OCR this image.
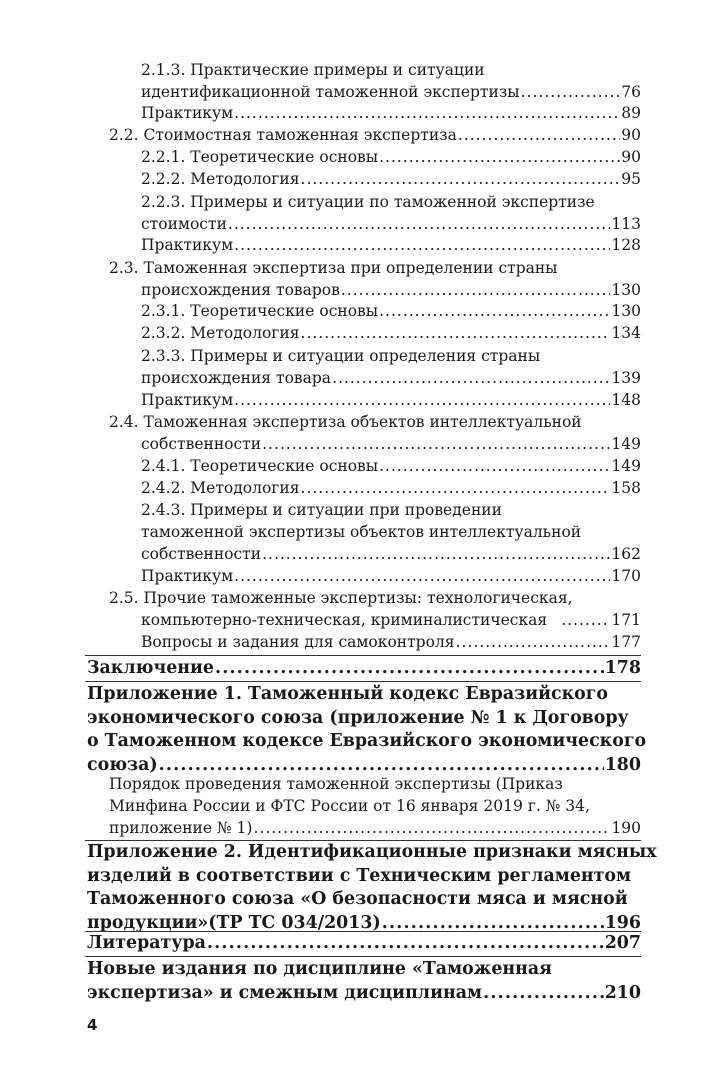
2.1.3. Практические примеры и ситуации
идентификационной таможенной экспертизы .....	76
Практикум .....	89
2.2. Стоимостная таможенная экспертиза .....	90
2.2.1. Теоретические основы .....	90
2.2.2. Методология .....	95
2.2.3. Примеры и ситуации по таможенной экспертизе
стоимости .....	113
Практикум .....	128
2.3. Таможенная экспертиза при определении страны
происхождения товаров .....	130
2.3.1. Теоретические основы .....	130
2.3.2. Методология .....	134
2.3.3. Примеры и ситуации определения страны
происхождения товара .....	139
Практикум .....	148
2.4. Таможенная экспертиза объектов интеллектуальной
собственности .....	149
2.4.1. Теоретические основы .....	149
2.4.2. Методология .....	158
2.4.3. Примеры и ситуации при проведении
таможенной экспертизы объектов интеллектуальной
собственности .....	162
Практикум .....	170
2.5. Прочие таможенные экспертизы: технологическая,
компьютерно-техническая, криминалистическая .....	171
Вопросы и задания для самоконтроля .....	177
Заключение .....	178
Приложение 1. Таможенный кодекс Евразийского
экономического союза (приложение № 1 к Договору
о Таможенном кодексе Евразийского экономического
союза) .....	180
Порядок проведения таможенной экспертизы (Приказ
Минфина России и ФТС России от 16 января 2019 г. № 34,
приложение № 1) .....	190
Приложение 2. Идентификационные признаки мясных
изделий в соответствии с Техническим регламентом
Таможенного союза «О безопасности мяса и мясной
продукции»(ТР ТС 034/2013) .....	196
Литература .....	207
Новые издания по дисциплине «Таможенная
экспертиза» и смежным дисциплинам .....	210
4
